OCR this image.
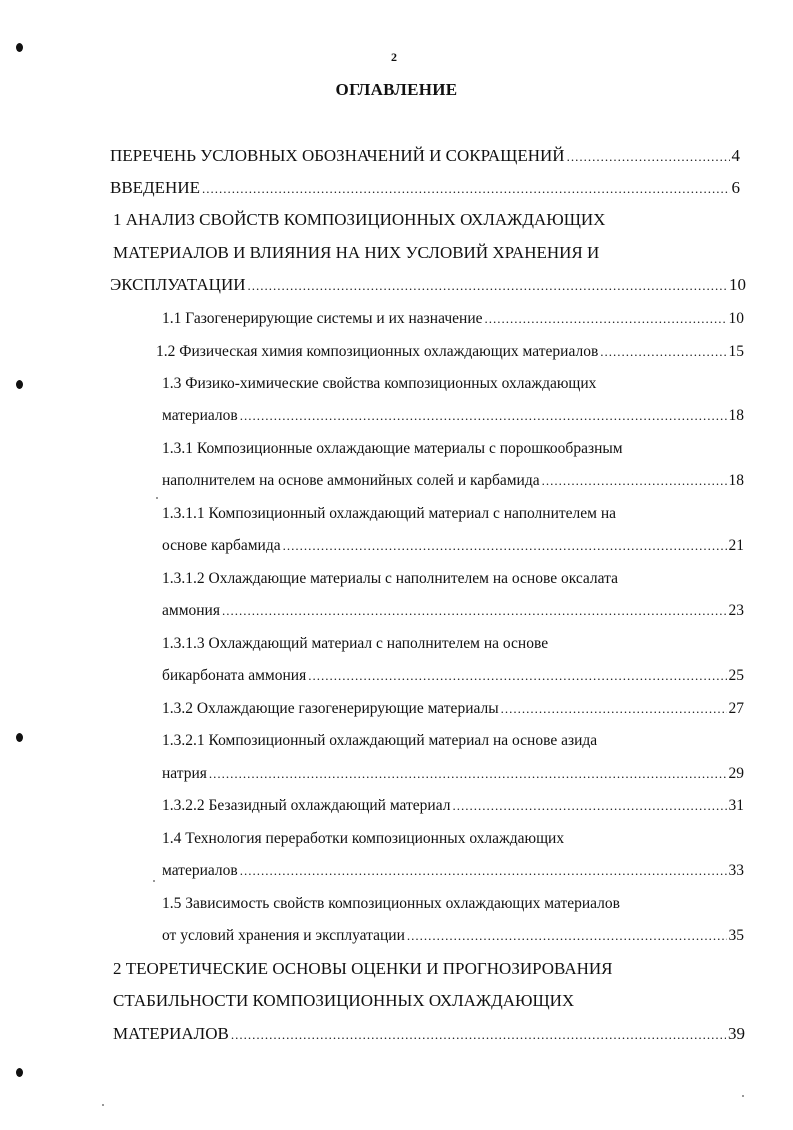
2
ОГЛАВЛЕНИЕ
ПЕРЕЧЕНЬ УСЛОВНЫХ ОБОЗНАЧЕНИЙ И СОКРАЩЕНИЙ .....	4
ВВЕДЕНИЕ .....	6
1 АНАЛИЗ СВОЙСТВ КОМПОЗИЦИОННЫХ ОХЛАЖДАЮЩИХ
МАТЕРИАЛОВ И ВЛИЯНИЯ НА НИХ УСЛОВИЙ ХРАНЕНИЯ И
ЭКСПЛУАТАЦИИ .....	10
1.1 Газогенерирующие системы и их назначение .....	10
1.2 Физическая химия композиционных охлаждающих материалов .....	15
1.3 Физико-химические свойства композиционных охлаждающих
материалов .....	18
1.3.1 Композиционные охлаждающие материалы с порошкообразным
наполнителем на основе аммонийных солей и карбамида .....	18
1.3.1.1 Композиционный охлаждающий материал с наполнителем на
основе карбамида .....	21
1.3.1.2 Охлаждающие материалы с наполнителем на основе оксалата
аммония .....	23
1.3.1.3 Охлаждающий материал с наполнителем на основе
бикарбоната аммония .....	25
1.3.2 Охлаждающие газогенерирующие материалы .....	27
1.3.2.1 Композиционный охлаждающий материал на основе азида
натрия .....	29
1.3.2.2 Безазидный охлаждающий материал .....	31
1.4 Технология переработки композиционных охлаждающих
материалов .....	33
1.5 Зависимость свойств композиционных охлаждающих материалов
от условий хранения и эксплуатации .....	35
2 ТЕОРЕТИЧЕСКИЕ ОСНОВЫ ОЦЕНКИ И ПРОГНОЗИРОВАНИЯ
СТАБИЛЬНОСТИ КОМПОЗИЦИОННЫХ ОХЛАЖДАЮЩИХ
МАТЕРИАЛОВ .....	39
